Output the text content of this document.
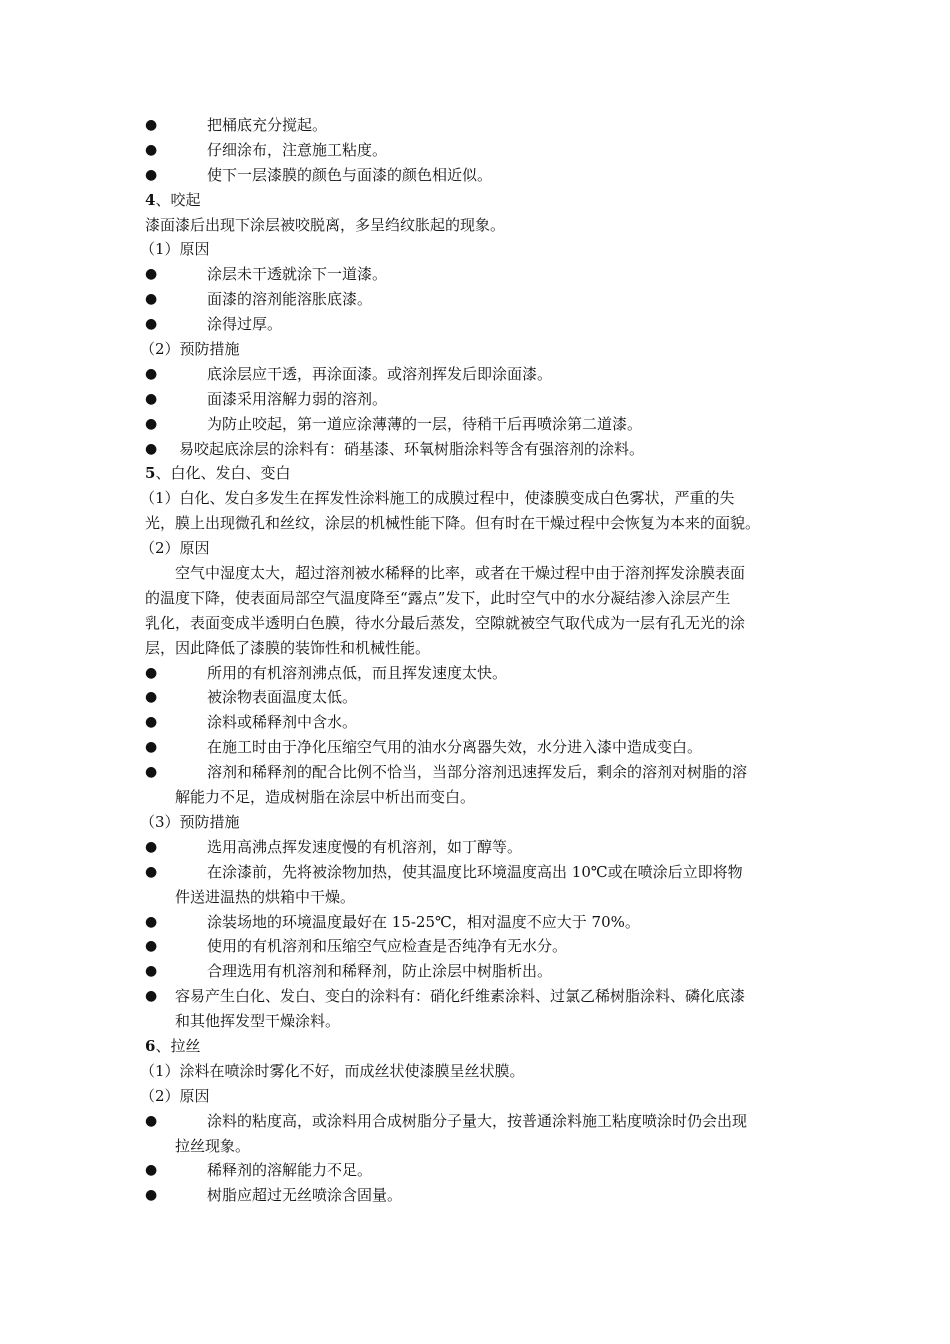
●	把桶底充分搅起。
●	仔细涂布，注意施工粘度。
●	使下一层漆膜的颜色与面漆的颜色相近似。
4、咬起
漆面漆后出现下涂层被咬脱离，多呈绉纹胀起的现象。
（1）原因
●	涂层未干透就涂下一道漆。
●	面漆的溶剂能溶胀底漆。
●	涂得过厚。
（2）预防措施
●	底涂层应干透，再涂面漆。或溶剂挥发后即涂面漆。
●	面漆采用溶解力弱的溶剂。
●	为防止咬起，第一道应涂薄薄的一层，待稍干后再喷涂第二道漆。
●	易咬起底涂层的涂料有：硝基漆、环氧树脂涂料等含有强溶剂的涂料。
5、白化、发白、变白
（1）白化、发白多发生在挥发性涂料施工的成膜过程中，使漆膜变成白色雾状，严重的失
光，膜上出现微孔和丝纹，涂层的机械性能下降。但有时在干燥过程中会恢复为本来的面貌。
（2）原因
空气中湿度太大，超过溶剂被水稀释的比率，或者在干燥过程中由于溶剂挥发涂膜表面
的温度下降，使表面局部空气温度降至“露点”发下，此时空气中的水分凝结渗入涂层产生
乳化，表面变成半透明白色膜，待水分最后蒸发，空隙就被空气取代成为一层有孔无光的涂
层，因此降低了漆膜的装饰性和机械性能。
●	所用的有机溶剂沸点低，而且挥发速度太快。
●	被涂物表面温度太低。
●	涂料或稀释剂中含水。
●	在施工时由于净化压缩空气用的油水分离器失效，水分进入漆中造成变白。
●	溶剂和稀释剂的配合比例不恰当，当部分溶剂迅速挥发后，剩余的溶剂对树脂的溶
解能力不足，造成树脂在涂层中析出而变白。
（3）预防措施
●	选用高沸点挥发速度慢的有机溶剂，如丁醇等。
●	在涂漆前，先将被涂物加热，使其温度比环境温度高出 10℃或在喷涂后立即将物
件送进温热的烘箱中干燥。
●	涂装场地的环境温度最好在 15-25℃，相对温度不应大于 70%。
●	使用的有机溶剂和压缩空气应检查是否纯净有无水分。
●	合理选用有机溶剂和稀释剂，防止涂层中树脂析出。
●	容易产生白化、发白、变白的涂料有：硝化纤维素涂料、过氯乙稀树脂涂料、磷化底漆
和其他挥发型干燥涂料。
6、拉丝
（1）涂料在喷涂时雾化不好，而成丝状使漆膜呈丝状膜。
（2）原因
●	涂料的粘度高，或涂料用合成树脂分子量大，按普通涂料施工粘度喷涂时仍会出现
拉丝现象。
●	稀释剂的溶解能力不足。
●	树脂应超过无丝喷涂含固量。
